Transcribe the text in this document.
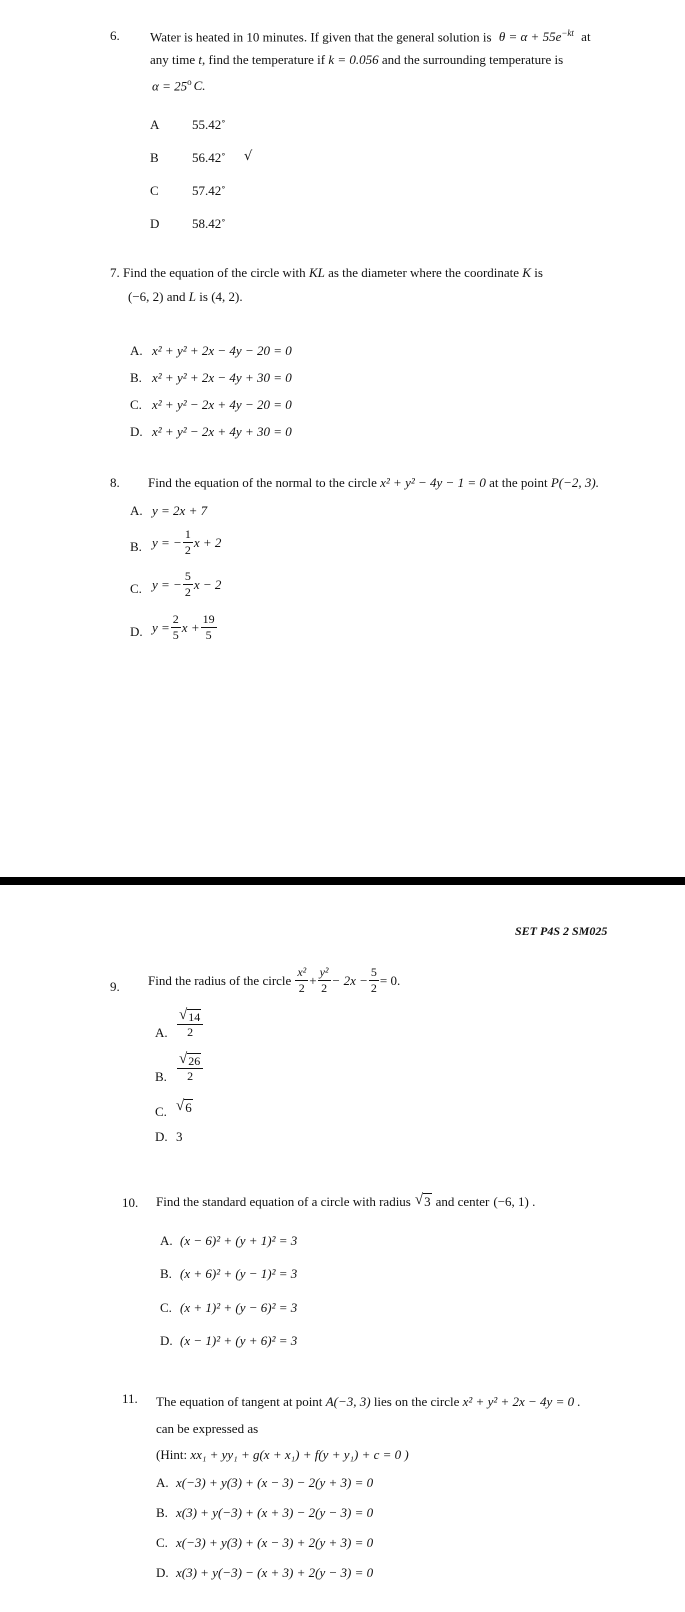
6. Water is heated in 10 minutes. If given that the general solution is $\theta = \alpha + 55e^{-kt}$ at
any time t, find the temperature if k = 0.056 and the surrounding temperature is
$\alpha = 25^o$ C.
A	55.42˚
B	56.42˚ √
C	57.42˚
D	58.42˚
7. Find the equation of the circle with KL as the diameter where the coordinate K is
(−6, 2) and L is (4, 2).
A. x² + y² + 2x − 4y − 20 = 0
B. x² + y² + 2x − 4y + 30 = 0
C. x² + y² − 2x + 4y − 20 = 0
D. x² + y² − 2x + 4y + 30 = 0
8. Find the equation of the normal to the circle x² + y² − 4y − 1 = 0 at the point P(−2, 3).
A. y = 2x + 7
B. y = − $\frac{1}{2}$ x + 2
C. y = − $\frac{5}{2}$ x − 2
D. $y = \frac{2}{5}$ $x + \frac{19}{5}$
SET P4S 2 SM025
9. Find the radius of the circle $\frac{\text{x²}}{2} + \frac{\text{y²}}{2} - 2x - \frac{5}{2} = 0$.
A. $\frac{√ 14}{2}$
B. $\frac{√ 26}{2}$
C. √ 6
D. 3
10. Find the standard equation of a circle with radius √ 3 and center (−6, 1) .
A. (x − 6)² + (y + 1)² = 3
B. (x + 6)² + (y − 1)² = 3
C. (x + 1)² + (y − 6)² = 3
D. (x − 1)² + (y + 6)² = 3
11. The equation of tangent at point A(−3, 3) lies on the circle x² + y² + 2x − 4y = 0 .
can be expressed as
(Hint: xx₁ + yy₁ + g(x + x₁) + f(y + y₁) + c = 0 )
A. x(−3) + y(3) + (x − 3) − 2(y + 3) = 0
B. x(3) + y(−3) + (x + 3) − 2(y − 3) = 0
C. x(−3) + y(3) + (x − 3) + 2(y + 3) = 0
D. x(3) + y(−3) − (x + 3) + 2(y − 3) = 0
